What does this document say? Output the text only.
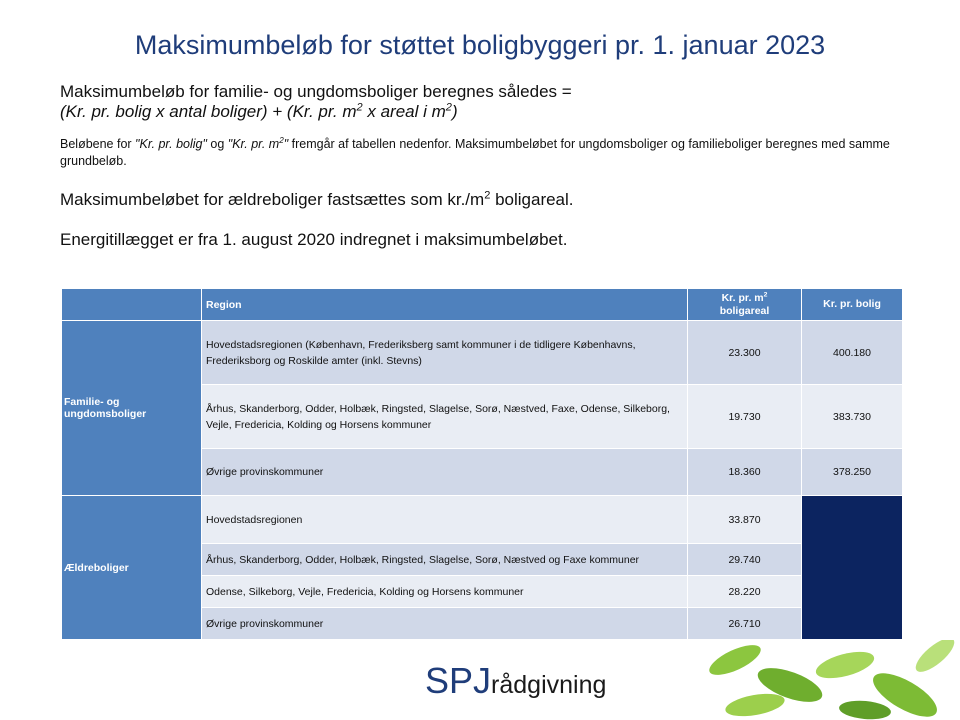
Maksimumbeløb for støttet boligbyggeri pr. 1. januar 2023
Maksimumbeløb for familie- og ungdomsboliger beregnes således =
(Kr. pr. bolig x antal boliger) + (Kr. pr. $m^2$ x areal i $m^2$)
Beløbene for "Kr. pr. bolig" og "Kr. pr. $m^2$" fremgår af tabellen nedenfor. Maksimumbeløbet for ungdomsboliger og familieboliger beregnes med samme grundbeløb.
Maksimumbeløbet for ældreboliger fastsættes som $kr./m^2$ boligareal.
Energitillægget er fra 1. august 2020 indregnet i maksimumbeløbet.
	Region	Kr. pr. $m^2$
boligareal	Kr. pr. bolig
Familie- og ungdomsboliger	Hovedstadsregionen (København, Frederiksberg samt kommuner i de tidligere Københavns, Frederiksborg og Roskilde amter (inkl. Stevns)	23.300	400.180
	Århus, Skanderborg, Odder, Holbæk, Ringsted, Slagelse, Sorø, Næstved, Faxe, Odense, Silkeborg, Vejle, Fredericia, Kolding og Horsens kommuner	19.730	383.730
	Øvrige provinskommuner	18.360	378.250
Ældreboliger	Hovedstadsregionen	33.870	
	Århus, Skanderborg, Odder, Holbæk, Ringsted, Slagelse, Sorø, Næstved og Faxe kommuner	29.740	
	Odense, Silkeborg, Vejle, Fredericia, Kolding og Horsens kommuner	28.220	
	Øvrige provinskommuner	26.710	
SPJrådgivning
